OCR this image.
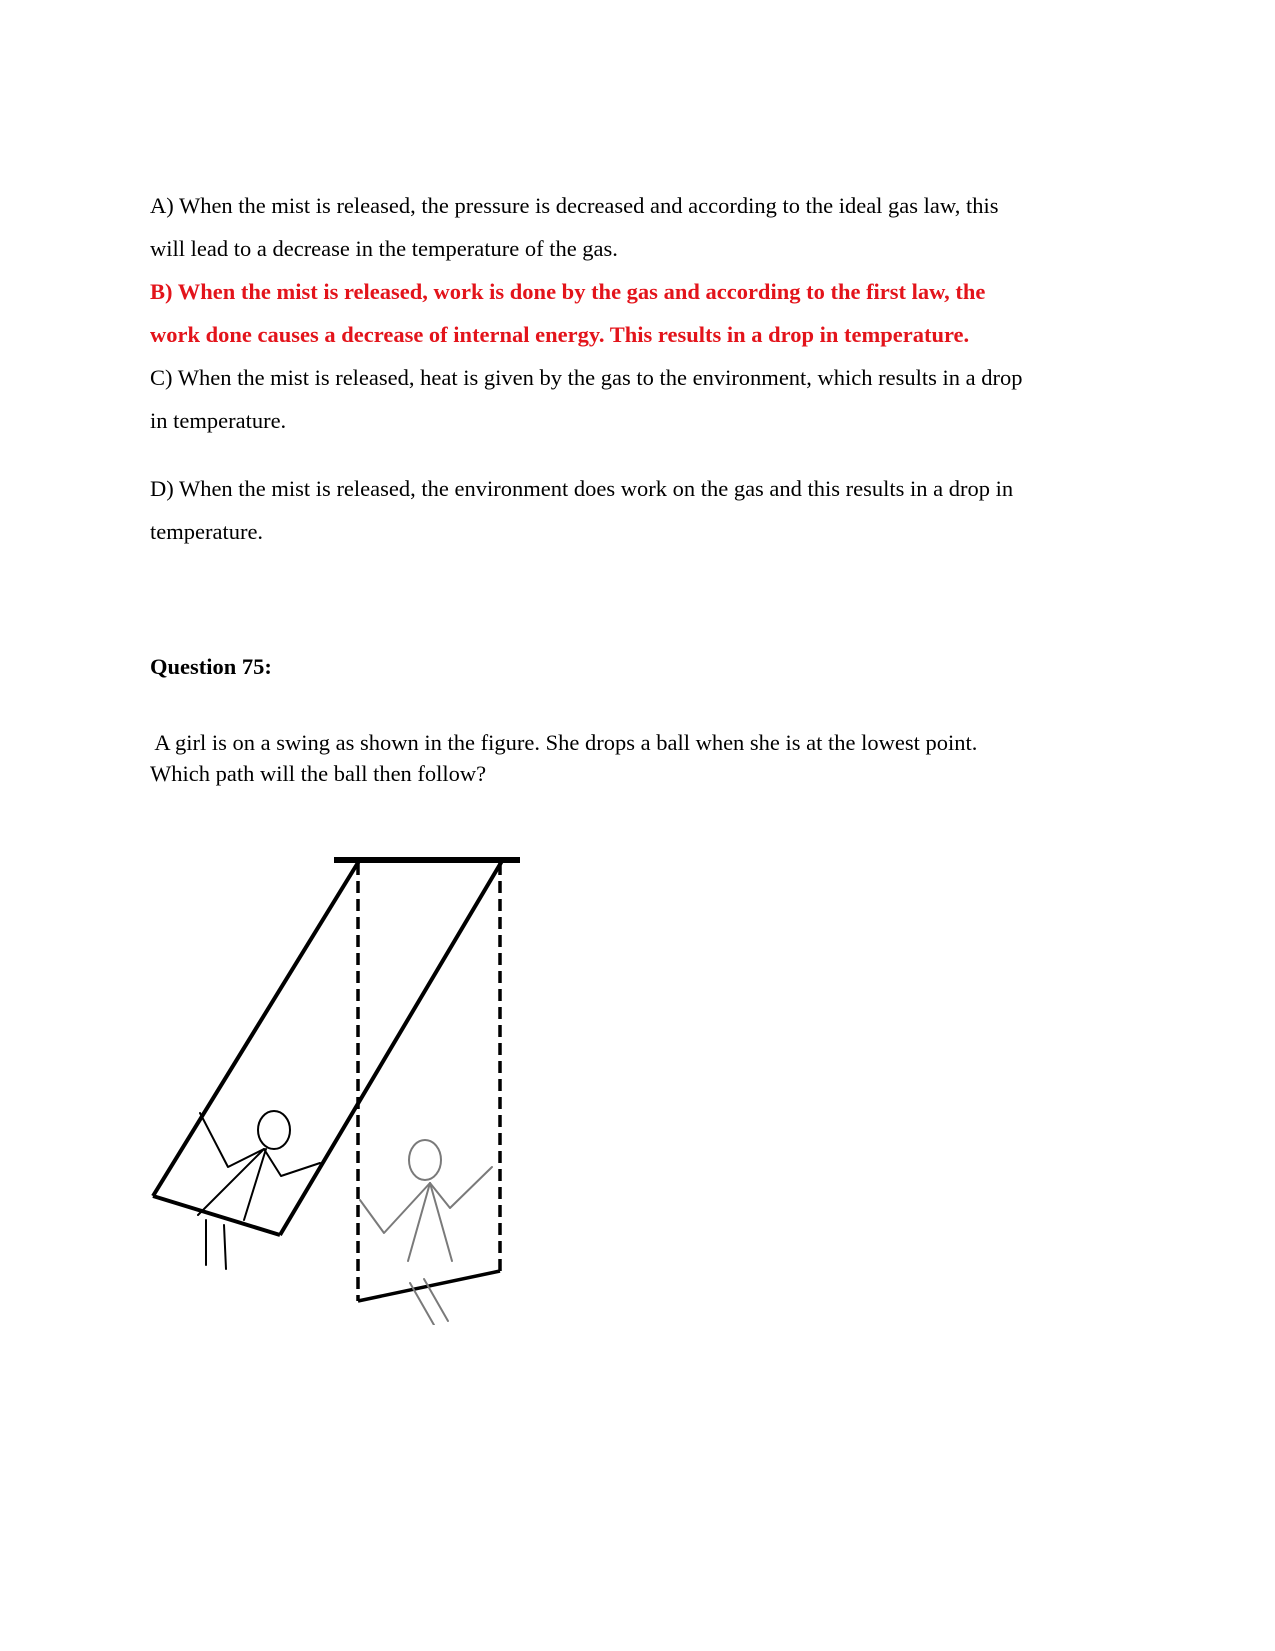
A) When the mist is released, the pressure is decreased and according to the ideal gas law, this
will lead to a decrease in the temperature of the gas.
B) When the mist is released, work is done by the gas and according to the first law, the
work done causes a decrease of internal energy. This results in a drop in temperature.
C) When the mist is released, heat is given by the gas to the environment, which results in a drop
in temperature.
D) When the mist is released, the environment does work on the gas and this results in a drop in
temperature.
Question 75:
A girl is on a swing as shown in the figure. She drops a ball when she is at the lowest point.
Which path will the ball then follow?
